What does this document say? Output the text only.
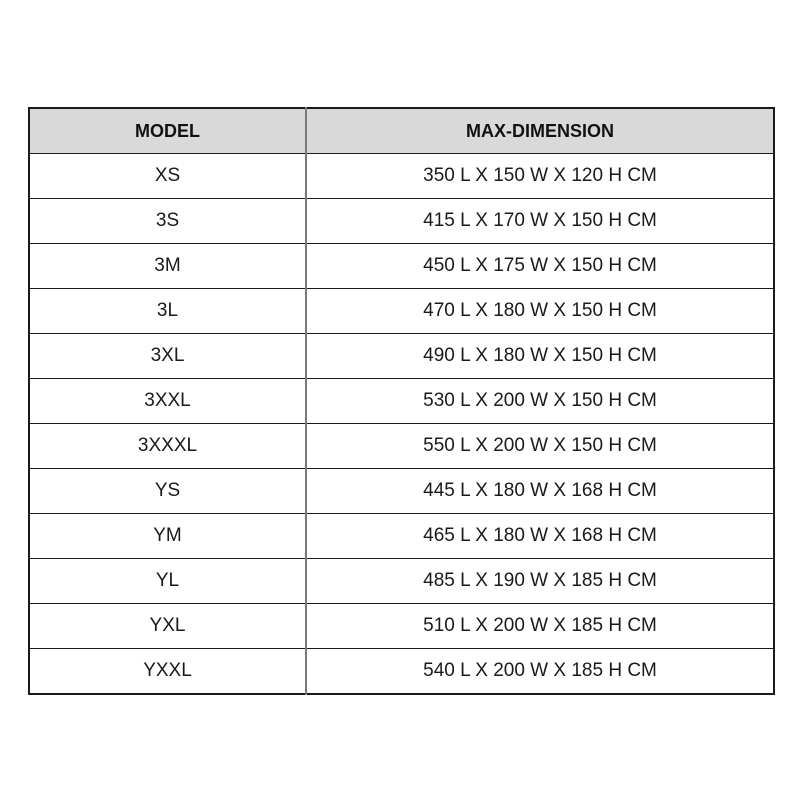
MODEL	MAX-DIMENSION
XS	350 L X 150 W X 120 H CM
3S	415 L X 170 W X 150 H CM
3M	450 L X 175 W X 150 H CM
3L	470 L X 180 W X 150 H CM
3XL	490 L X 180 W X 150 H CM
3XXL	530 L X 200 W X 150 H CM
3XXXL	550 L X 200 W X 150 H CM
YS	445 L X 180 W X 168 H CM
YM	465 L X 180 W X 168 H CM
YL	485 L X 190 W X 185 H CM
YXL	510 L X 200 W X 185 H CM
YXXL	540 L X 200 W X 185 H CM
